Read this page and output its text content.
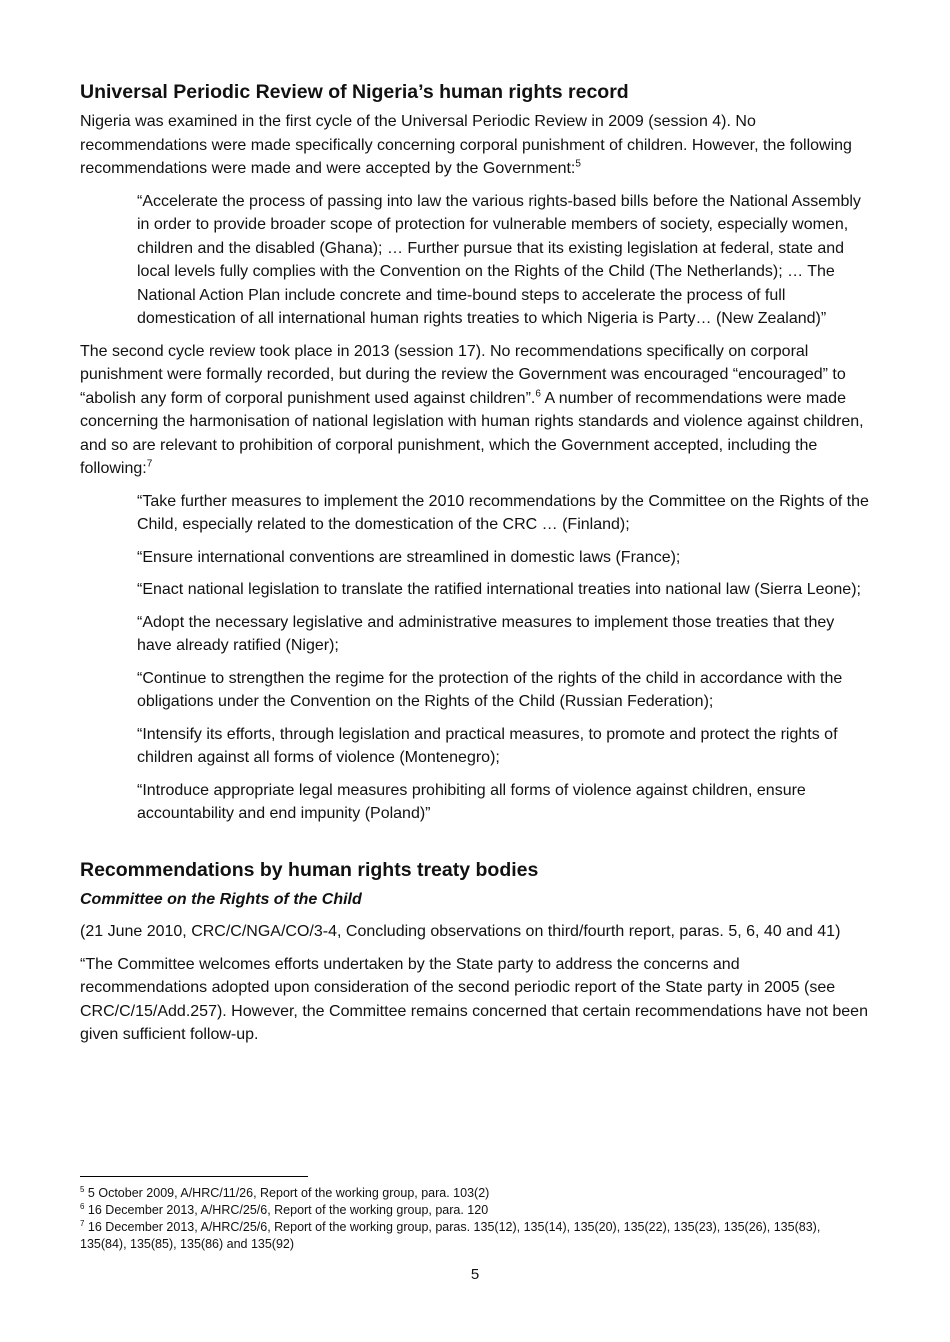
Universal Periodic Review of Nigeria’s human rights record

Nigeria was examined in the first cycle of the Universal Periodic Review in 2009 (session 4). No recommendations were made specifically concerning corporal punishment of children. However, the following recommendations were made and were accepted by the Government:$^5$

“Accelerate the process of passing into law the various rights-based bills before the National Assembly in order to provide broader scope of protection for vulnerable members of society, especially women, children and the disabled (Ghana); … Further pursue that its existing legislation at federal, state and local levels fully complies with the Convention on the Rights of the Child (The Netherlands); … The National Action Plan include concrete and time-bound steps to accelerate the process of full domestication of all international human rights treaties to which Nigeria is Party… (New Zealand)”

The second cycle review took place in 2013 (session 17). No recommendations specifically on corporal punishment were formally recorded, but during the review the Government was encouraged “encouraged” to “abolish any form of corporal punishment used against children”.$^6$ A number of recommendations were made concerning the harmonisation of national legislation with human rights standards and violence against children, and so are relevant to prohibition of corporal punishment, which the Government accepted, including the following:$^7$

“Take further measures to implement the 2010 recommendations by the Committee on the Rights of the Child, especially related to the domestication of the CRC … (Finland);

“Ensure international conventions are streamlined in domestic laws (France);

“Enact national legislation to translate the ratified international treaties into national law (Sierra Leone);

“Adopt the necessary legislative and administrative measures to implement those treaties that they have already ratified (Niger);

“Continue to strengthen the regime for the protection of the rights of the child in accordance with the obligations under the Convention on the Rights of the Child (Russian Federation);

“Intensify its efforts, through legislation and practical measures, to promote and protect the rights of children against all forms of violence (Montenegro);

“Introduce appropriate legal measures prohibiting all forms of violence against children, ensure accountability and end impunity (Poland)”

Recommendations by human rights treaty bodies
Committee on the Rights of the Child

(21 June 2010, CRC/C/NGA/CO/3-4, Concluding observations on third/fourth report, paras. 5, 6, 40 and 41)

“The Committee welcomes efforts undertaken by the State party to address the concerns and recommendations adopted upon consideration of the second periodic report of the State party in 2005 (see CRC/C/15/Add.257). However, the Committee remains concerned that certain recommendations have not been given sufficient follow-up.

$^5$ 5 October 2009, A/HRC/11/26, Report of the working group, para. 103(2)
$^6$ 16 December 2013, A/HRC/25/6, Report of the working group, para. 120
$^7$ 16 December 2013, A/HRC/25/6, Report of the working group, paras. 135(12), 135(14), 135(20), 135(22), 135(23), 135(26), 135(83), 135(84), 135(85), 135(86) and 135(92)
5
